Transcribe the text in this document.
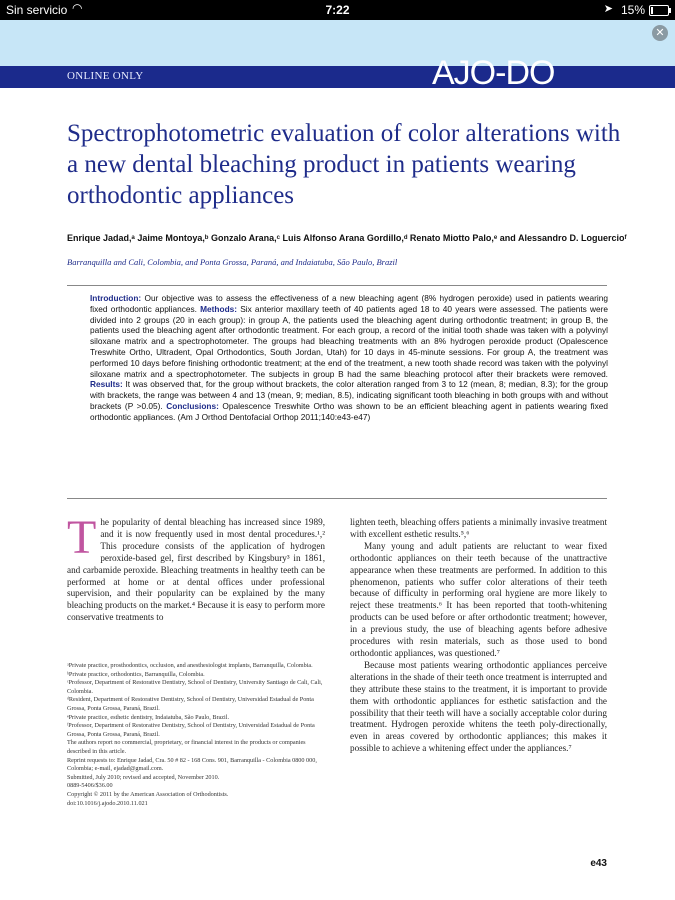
Sin servicio ◠	7:22	➤ 15%
✕
ONLINE ONLY	AJO-DO
Spectrophotometric evaluation of color alterations with a new dental bleaching product in patients wearing orthodontic appliances
Enrique Jadad,ᵃ Jaime Montoya,ᵇ Gonzalo Arana,ᶜ Luis Alfonso Arana Gordillo,ᵈ Renato Miotto Palo,ᵉ and Alessandro D. Loguercioᶠ
Barranquilla and Cali, Colombia, and Ponta Grossa, Paraná, and Indaiatuba, São Paulo, Brazil
Introduction: Our objective was to assess the effectiveness of a new bleaching agent (8% hydrogen peroxide) used in patients wearing fixed orthodontic appliances. Methods: Six anterior maxillary teeth of 40 patients aged 18 to 40 years were assessed. The patients were divided into 2 groups (20 in each group): in group A, the patients used the bleaching agent during orthodontic treatment; in group B, the patients used the bleaching agent after orthodontic treatment. For each group, a record of the initial tooth shade was taken with a polyvinyl siloxane matrix and a spectrophotometer. The groups had bleaching treatments with an 8% hydrogen peroxide product (Opalescence Treswhite Ortho, Ultradent, Opal Orthodontics, South Jordan, Utah) for 10 days in 45-minute sessions. For group A, the treatment was performed 10 days before finishing orthodontic treatment; at the end of the treatment, a new tooth shade record was taken with the polyvinyl siloxane matrix and a spectrophotometer. The subjects in group B had the same bleaching protocol after their brackets were removed. Results: It was observed that, for the group without brackets, the color alteration ranged from 3 to 12 (mean, 8; median, 8.3); for the group with brackets, the range was between 4 and 13 (mean, 9; median, 8.5), indicating significant tooth bleaching in both groups with and without brackets (P >0.05). Conclusions: Opalescence Treswhite Ortho was shown to be an efficient bleaching agent in patients wearing fixed orthodontic appliances. (Am J Orthod Dentofacial Orthop 2011;140:e43-e47)

The popularity of dental bleaching has increased since 1989, and it is now frequently used in most dental procedures.¹,² This procedure consists of the application of hydrogen peroxide-based gel, first described by Kingsbury³ in 1861, and carbamide peroxide. Bleaching treatments in healthy teeth can be performed at home or at dental offices under professional supervision, and their popularity can be explained by the many bleaching products on the market.⁴ Because it is easy to perform more conservative treatments to

ᵃPrivate practice, prosthodontics, occlusion, and anesthesiologist implants, Barranquilla, Colombia.
ᵇPrivate practice, orthodontics, Barranquilla, Colombia.
ᶜProfessor, Department of Restorative Dentistry, School of Dentistry, University Santiago de Cali, Cali, Colombia.
ᵈResident, Department of Restorative Dentistry, School of Dentistry, Universidad Estadual de Ponta Grossa, Ponta Grossa, Paraná, Brazil.
ᵉPrivate practice, esthetic dentistry, Indaiatuba, São Paulo, Brazil.
ᶠProfessor, Department of Restorative Dentistry, School of Dentistry, Universidad Estadual de Ponta Grossa, Ponta Grossa, Paraná, Brazil.
The authors report no commercial, proprietary, or financial interest in the products or companies described in this article.
Reprint requests to: Enrique Jadad, Cra. 50 # 82 - 168 Cons. 901, Barranquilla - Colombia 0800 000, Colombia; e-mail, ejadad@gmail.com.
Submitted, July 2010; revised and accepted, November 2010.
0889-5406/$36.00
Copyright © 2011 by the American Association of Orthodontists.
doi:10.1016/j.ajodo.2010.11.021

lighten teeth, bleaching offers patients a minimally invasive treatment with excellent esthetic results.⁵,⁶

Many young and adult patients are reluctant to wear fixed orthodontic appliances on their teeth because of the unattractive appearance when these treatments are performed. In addition to this phenomenon, patients who suffer color alterations of their teeth because of difficulty in performing oral hygiene are more likely to reject these treatments.⁶ It has been reported that tooth-whitening products can be used before or after orthodontic treatment; however, in a previous study, the use of bleaching agents before adhesive procedures with resin materials, such as those used to bond orthodontic appliances, was questioned.⁷

Because most patients wearing orthodontic appliances perceive alterations in the shade of their teeth once treatment is interrupted and they attribute these stains to the treatment, it is important to provide them with orthodontic appliances for esthetic satisfaction and the possibility that their teeth will have a socially acceptable color during treatment. Hydrogen peroxide whitens the teeth poly-directionally, even in areas covered by orthodontic appliances; this makes it possible to achieve a whitening effect under the appliances.⁷

e43
